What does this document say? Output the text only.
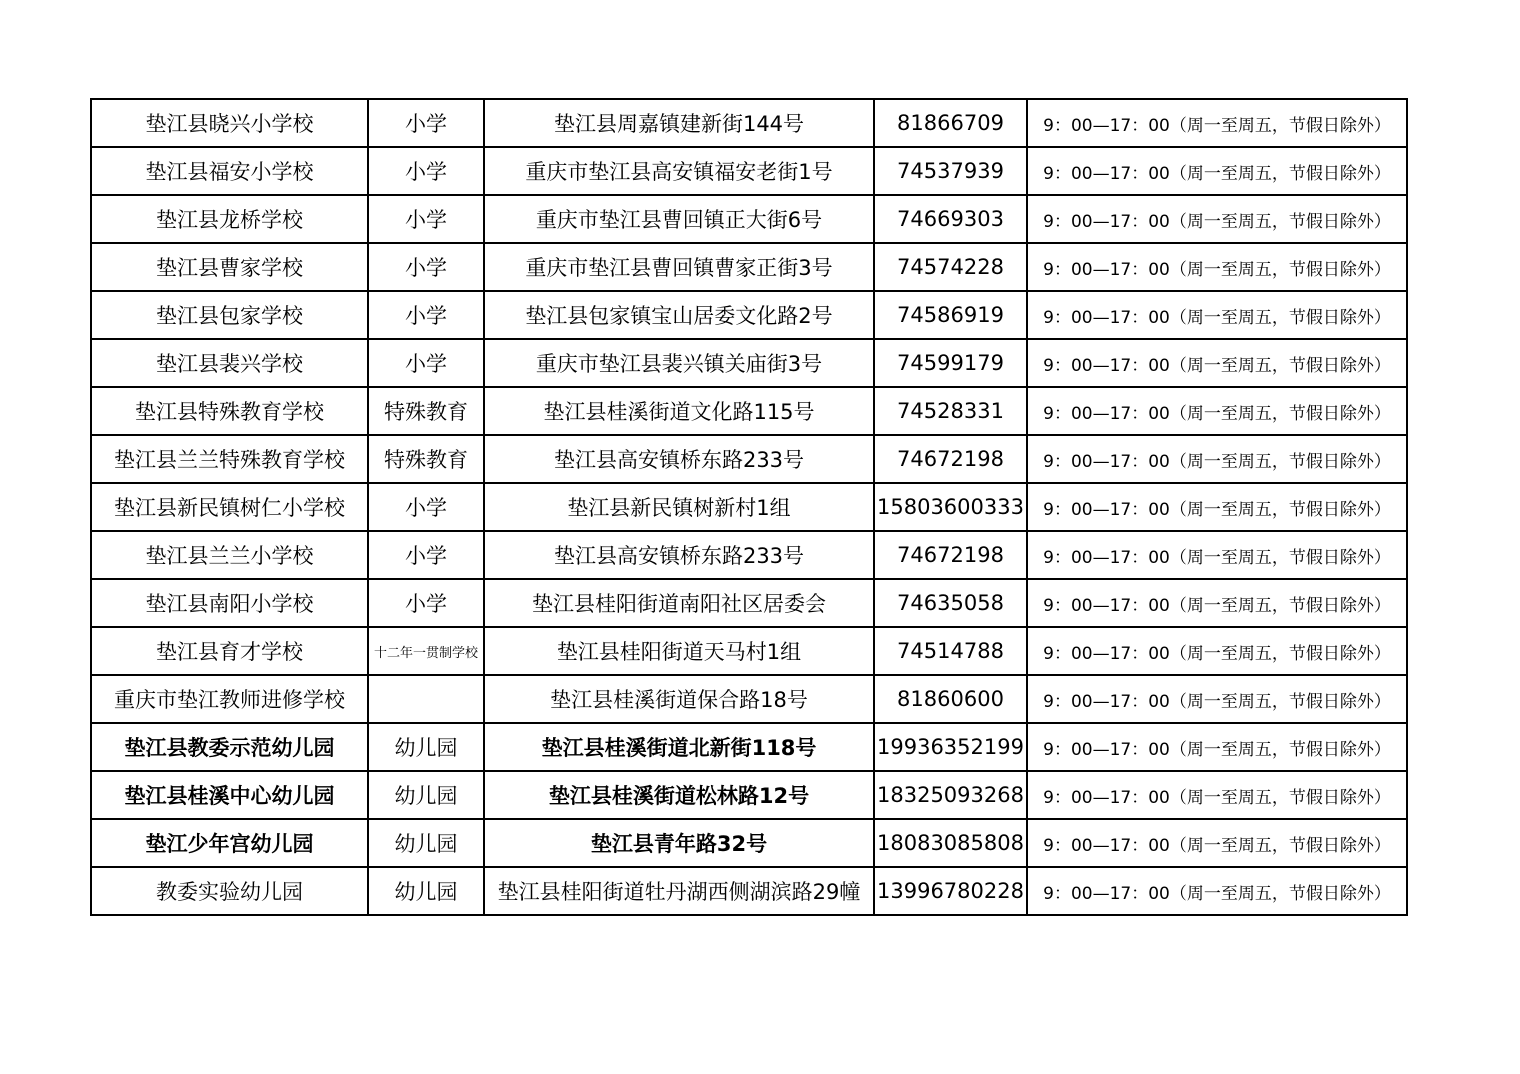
垫江县晓兴小学校	小学	垫江县周嘉镇建新街144号	81866709	9：00—17：00（周一至周五，节假日除外）
垫江县福安小学校	小学	重庆市垫江县高安镇福安老街1号	74537939	9：00—17：00（周一至周五，节假日除外）
垫江县龙桥学校	小学	重庆市垫江县曹回镇正大街6号	74669303	9：00—17：00（周一至周五，节假日除外）
垫江县曹家学校	小学	重庆市垫江县曹回镇曹家正街3号	74574228	9：00—17：00（周一至周五，节假日除外）
垫江县包家学校	小学	垫江县包家镇宝山居委文化路2号	74586919	9：00—17：00（周一至周五，节假日除外）
垫江县裴兴学校	小学	重庆市垫江县裴兴镇关庙街3号	74599179	9：00—17：00（周一至周五，节假日除外）
垫江县特殊教育学校	特殊教育	垫江县桂溪街道文化路115号	74528331	9：00—17：00（周一至周五，节假日除外）
垫江县兰兰特殊教育学校	特殊教育	垫江县高安镇桥东路233号	74672198	9：00—17：00（周一至周五，节假日除外）
垫江县新民镇树仁小学校	小学	垫江县新民镇树新村1组	15803600333	9：00—17：00（周一至周五，节假日除外）
垫江县兰兰小学校	小学	垫江县高安镇桥东路233号	74672198	9：00—17：00（周一至周五，节假日除外）
垫江县南阳小学校	小学	垫江县桂阳街道南阳社区居委会	74635058	9：00—17：00（周一至周五，节假日除外）
垫江县育才学校	十二年一贯制学校	垫江县桂阳街道天马村1组	74514788	9：00—17：00（周一至周五，节假日除外）
重庆市垫江教师进修学校		垫江县桂溪街道保合路18号	81860600	9：00—17：00（周一至周五，节假日除外）
垫江县教委示范幼儿园	幼儿园	垫江县桂溪街道北新街118号	19936352199	9：00—17：00（周一至周五，节假日除外）
垫江县桂溪中心幼儿园	幼儿园	垫江县桂溪街道松林路12号	18325093268	9：00—17：00（周一至周五，节假日除外）
垫江少年宫幼儿园	幼儿园	垫江县青年路32号	18083085808	9：00—17：00（周一至周五，节假日除外）
教委实验幼儿园	幼儿园	垫江县桂阳街道牡丹湖西侧湖滨路29幢	13996780228	9：00—17：00（周一至周五，节假日除外）
